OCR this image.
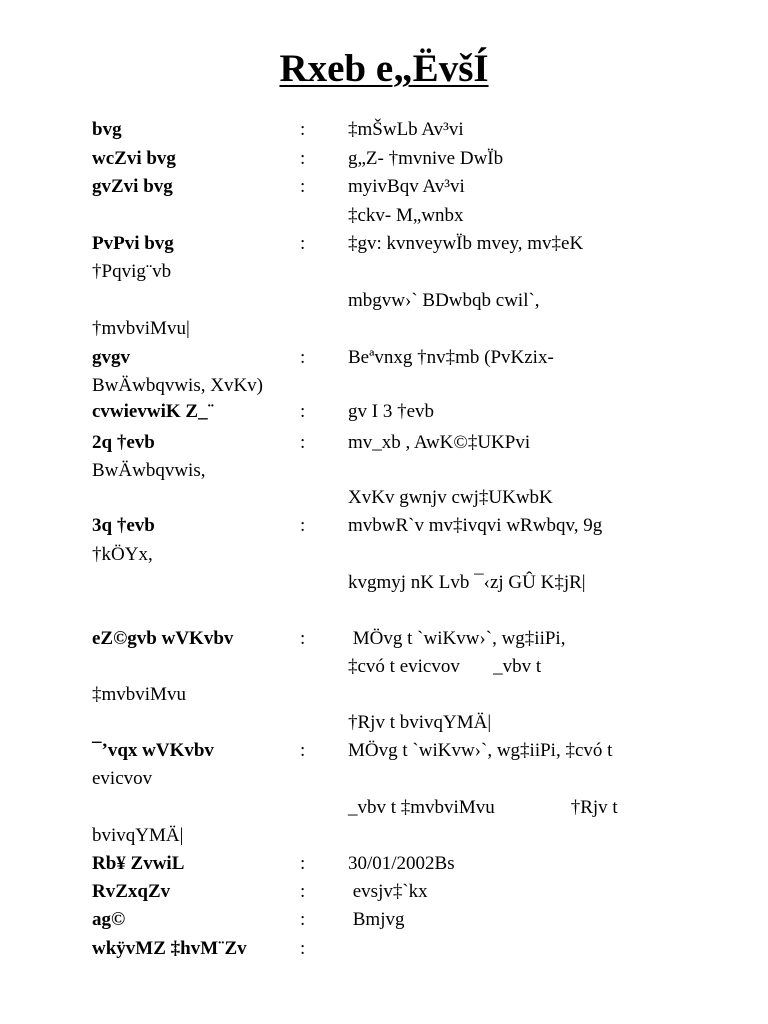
Rxeb e„ËvšÍ
bvg	: ‡mŠwLb Av³vi
wcZvi bvg	: g„Z- †mvnive DwÏb
gvZvi bvg	: myivBqv Av³vi
‡ckv- M„wnbx
PvPvi bvg	: ‡gv: kvnveywÏb mvey, mv‡eK
†Pqvig¨vb
mbgvw›` BDwbqb cwil`,
†mvbviMvu|
gvgv	: Beªvnxg †nv‡mb (PvKzix-
BwÄwbqvwis, XvKv)
cvwievwiK Z_¨	: gv I 3 †evb
2q †evb	: mv_xb , AwK©‡UKPvi
BwÄwbqvwis,
XvKv gwnjv cwj‡UKwbK
3q †evb	: mvbwR`v mv‡ivqvi wRwbqv, 9g
†kÖYx,
kvgmyj nK Lvb ¯‹zj GÛ K‡jR|
eZ©gvb wVKvbv	: MÖvg t `wiKvw›`, wg‡iiPi,
‡cvó t evicvov       _vbv t
‡mvbviMvu
†Rjv t bvivqYMÄ|
¯’vqx wVKvbv	: MÖvg t `wiKvw›`, wg‡iiPi, ‡cvó t
evicvov
_vbv t ‡mvbviMvu                †Rjv t
bvivqYMÄ|
Rb¥ ZvwiL	: 30/01/2002Bs
RvZxqZv	: evsjv‡`kx
ag©	: Bmjvg
wkÿvMZ ‡hvM¨Zv	:
